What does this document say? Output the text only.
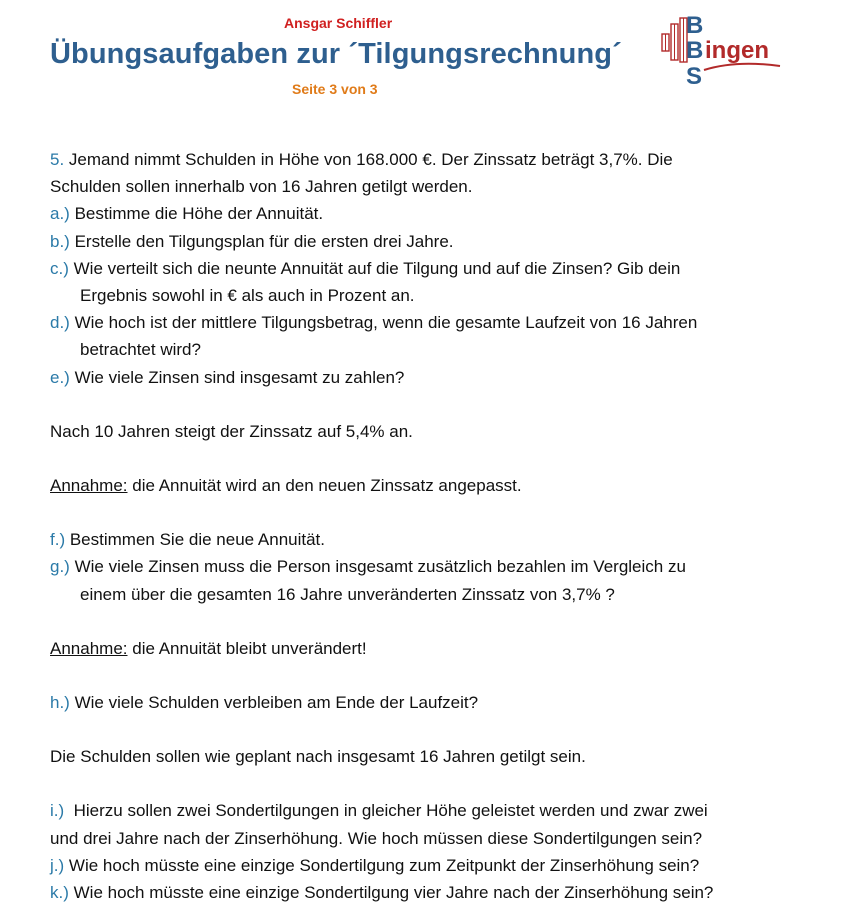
Ansgar Schiffler
Übungsaufgaben zur ´Tilgungsrechnung´
Seite 3 von 3
B
B
S
ingen

5. Jemand nimmt Schulden in Höhe von 168.000 €. Der Zinssatz beträgt 3,7%. Die

Schulden sollen innerhalb von 16 Jahren getilgt werden.

a.) Bestimme die Höhe der Annuität.

b.) Erstelle den Tilgungsplan für die ersten drei Jahre.

c.) Wie verteilt sich die neunte Annuität auf die Tilgung und auf die Zinsen? Gib dein

Ergebnis sowohl in € als auch in Prozent an.

d.) Wie hoch ist der mittlere Tilgungsbetrag, wenn die gesamte Laufzeit von 16 Jahren

betrachtet wird?

e.) Wie viele Zinsen sind insgesamt zu zahlen?

Nach 10 Jahren steigt der Zinssatz auf 5,4% an.

Annahme: die Annuität wird an den neuen Zinssatz angepasst.

f.) Bestimmen Sie die neue Annuität.

g.) Wie viele Zinsen muss die Person insgesamt zusätzlich bezahlen im Vergleich zu

einem über die gesamten 16 Jahre unveränderten Zinssatz von 3,7% ?

Annahme: die Annuität bleibt unverändert!

h.) Wie viele Schulden verbleiben am Ende der Laufzeit?

Die Schulden sollen wie geplant nach insgesamt 16 Jahren getilgt sein.

i.) Hierzu sollen zwei Sondertilgungen in gleicher Höhe geleistet werden und zwar zwei

und drei Jahre nach der Zinserhöhung. Wie hoch müssen diese Sondertilgungen sein?

j.) Wie hoch müsste eine einzige Sondertilgung zum Zeitpunkt der Zinserhöhung sein?

k.) Wie hoch müsste eine einzige Sondertilgung vier Jahre nach der Zinserhöhung sein?
